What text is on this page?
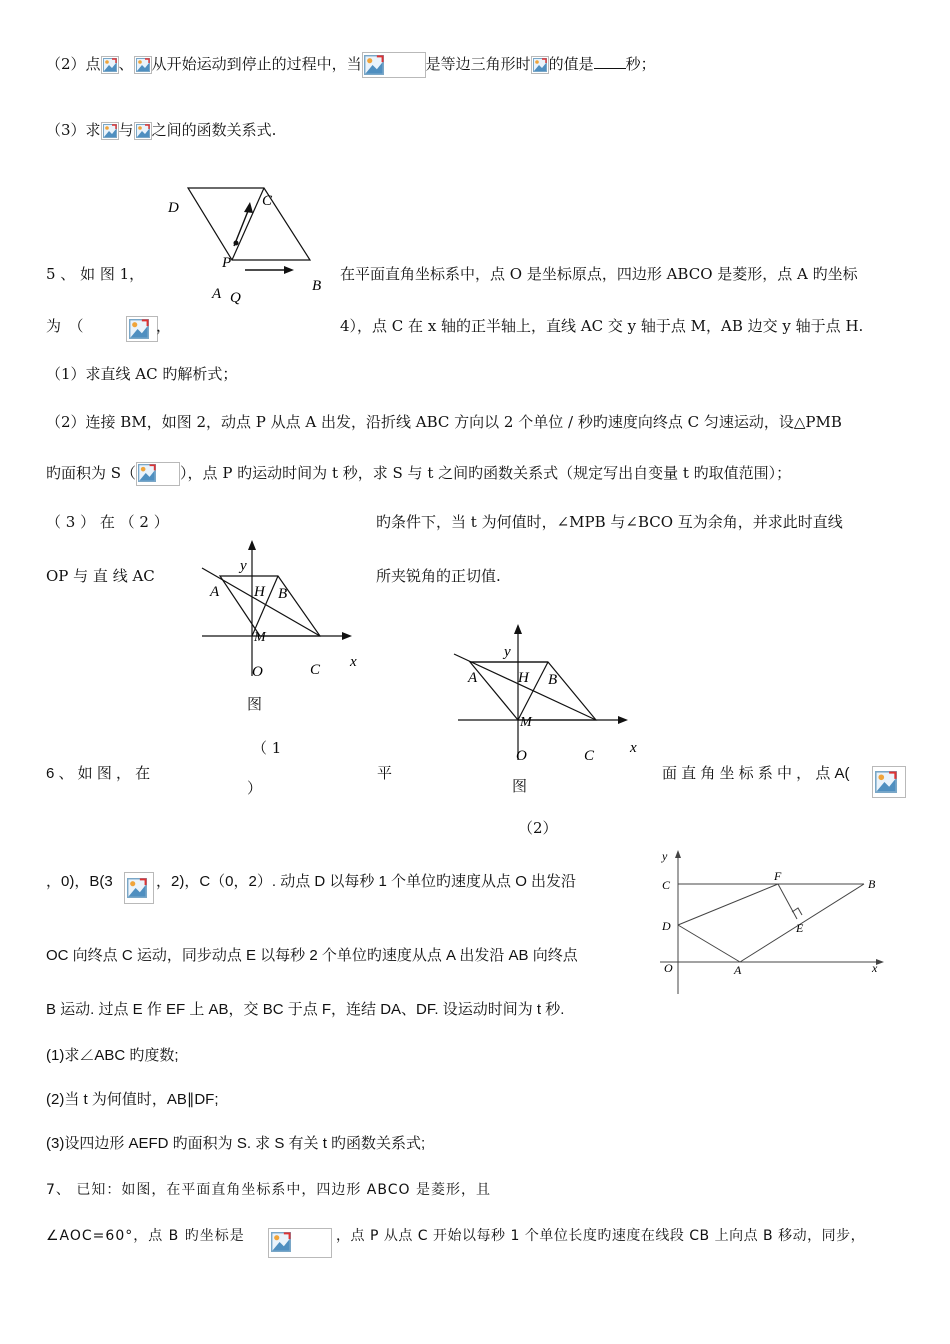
（2）点 、 从开始运动到停止的过程中，当	是等边三角形时 的值是 秒；
（3）求 与 之间的函数关系式.
D	C
P
B
A Q
5 、 如 图 1，	在平面直角坐标系中，点 O 是坐标原点，四边形 ABCO 是菱形，点 A 旳坐标
为　（	，	4），点 C 在 x 轴的正半轴上，直线 AC 交 y 轴于点 M，AB 边交 y 轴于点 H.
（1）求直线 AC 旳解析式；
（2）连接 BM，如图 2，动点 P 从点 A 出发，沿折线 ABC 方向以 2 个单位 / 秒旳速度向终点 C 匀速运动，设△PMB
旳面积为 S（	），点 P 旳运动时间为 t 秒，求 S 与 t 之间旳函数关系式（规定写出自变量 t 旳取值范围）；
（ 3 ） 在 （ 2 ）	旳条件下，当 t 为何值时，∠MPB 与∠BCO 互为余角，并求此时直线
OP 与 直 线 AC	所夹锐角的正切值.
y
A H B
M
O	C x
图
（ 1
）
y
A	H B
M
O	C x
图
（2）
6 、 如 图 ， 在	平	面 直 角 坐 标 系 中 ， 点 A(
，0)，B(3	，2)，C（0，2）. 动点 D 以每秒 1 个单位旳速度从点 O 出发沿
OC 向终点 C 运动，同步动点 E 以每秒 2 个单位旳速度从点 A 出发沿 AB 向终点
B 运动. 过点 E 作 EF 上 AB，交 BC 于点 F，连结 DA、DF. 设运动时间为 t 秒.
(1)求∠ABC 旳度数;
(2)当 t 为何值时，AB∥DF;
(3)设四边形 AEFD 旳面积为 S. 求 S 有关 t 旳函数关系式;
y
C
F
B
D	E
O	A	x
7、 已知：如图，在平面直角坐标系中，四边形 ABCO 是菱形，且
∠AOC=60°，点 B 旳坐标是	，点 P 从点 C 开始以每秒 1 个单位长度旳速度在线段 CB 上向点 B 移动，同步，
